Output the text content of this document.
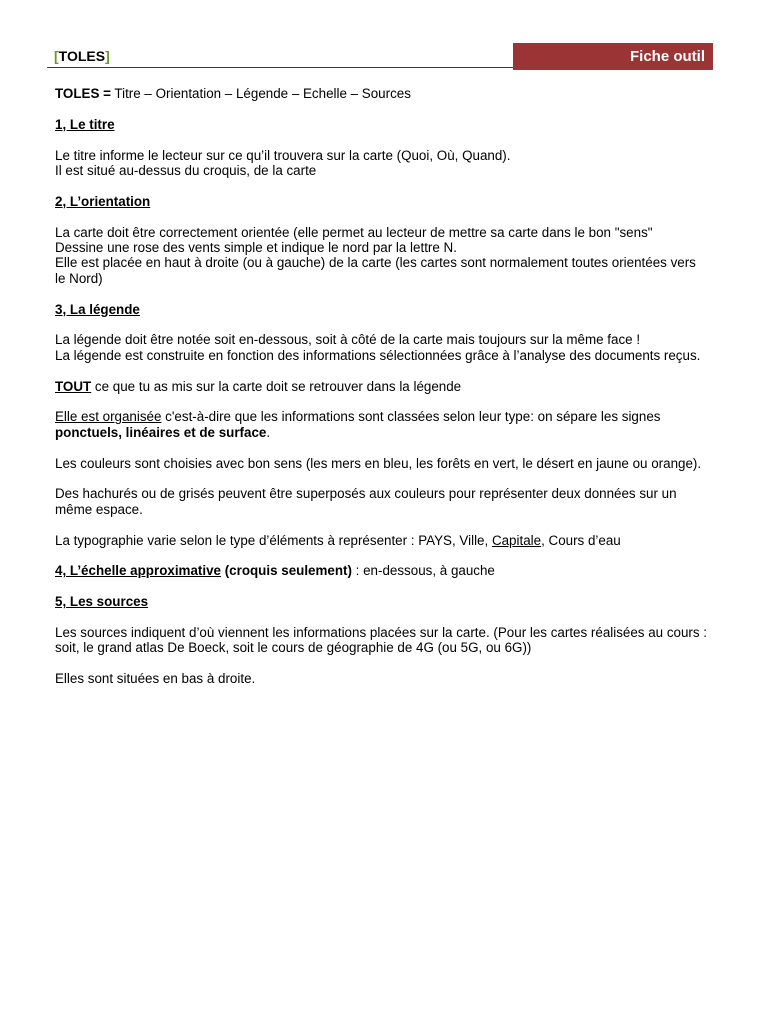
[TOLES]	Fiche outil

TOLES = Titre – Orientation – Légende – Echelle – Sources

1, Le titre

Le titre informe le lecteur sur ce qu’il trouvera sur la carte (Quoi, Où, Quand).

Il est situé au-dessus du croquis, de la carte

2, L’orientation

La carte doit être correctement orientée (elle permet au lecteur de mettre sa carte dans le bon "sens"

Dessine une rose des vents simple et indique le nord par la lettre N.

Elle est placée en haut à droite (ou à gauche) de la carte (les cartes sont normalement toutes orientées vers le Nord)

3, La légende

La légende doit être notée soit en-dessous, soit à côté de la carte mais toujours sur la même face !

La légende est construite en fonction des informations sélectionnées grâce à l’analyse des documents reçus.

TOUT ce que tu as mis sur la carte doit se retrouver dans la légende

Elle est organisée c'est-à-dire que les informations sont classées selon leur type: on sépare les signes ponctuels, linéaires et de surface.

Les couleurs sont choisies avec bon sens (les mers en bleu, les forêts en vert, le désert en jaune ou orange).

Des hachurés ou de grisés peuvent être superposés aux couleurs pour représenter deux données sur un même espace.

La typographie varie selon le type d’éléments à représenter : PAYS, Ville, Capitale, Cours d’eau

4, L’échelle approximative (croquis seulement) : en-dessous, à gauche

5, Les sources

Les sources indiquent d’où viennent les informations placées sur la carte. (Pour les cartes réalisées au cours : soit, le grand atlas De Boeck, soit le cours de géographie de 4G (ou 5G, ou 6G))

Elles sont situées en bas à droite.
